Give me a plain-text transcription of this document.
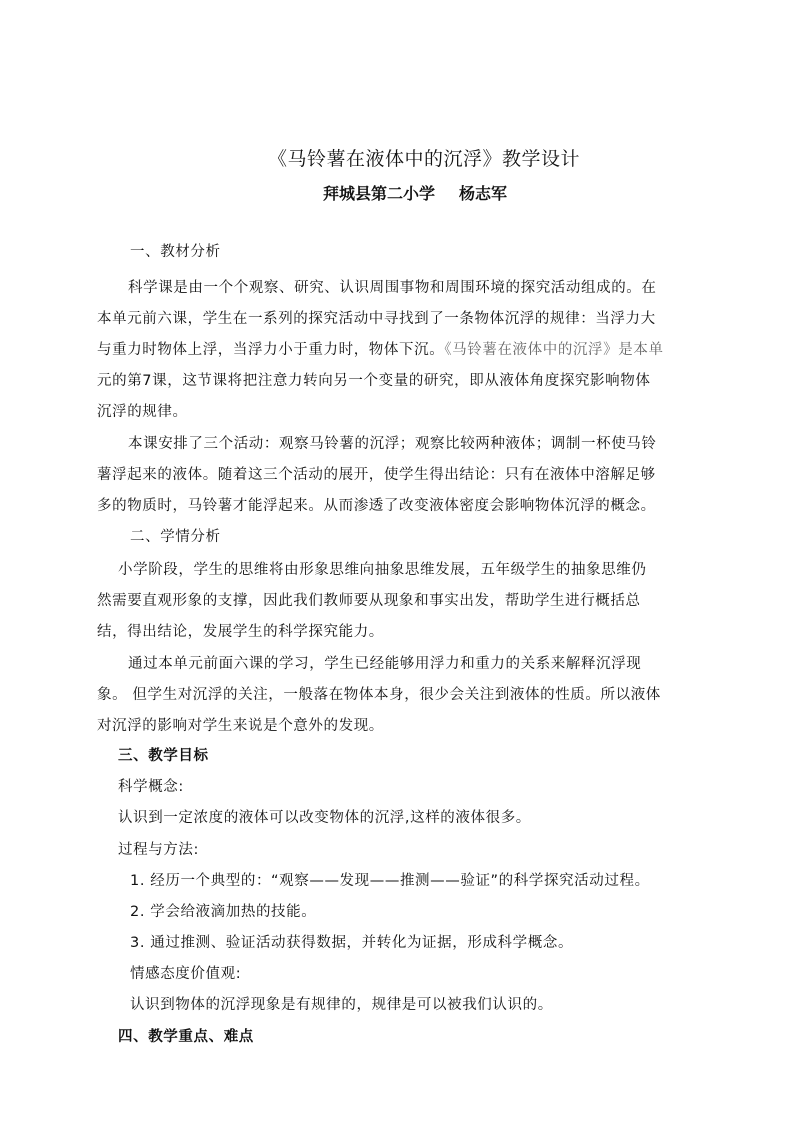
《马铃薯在液体中的沉浮》教学设计
拜城县第二小学 杨志军
一、教材分析
科学课是由一个个观察、研究、认识周围事物和周围环境的探究活动组成的。在
本单元前六课，学生在一系列的探究活动中寻找到了一条物体沉浮的规律：当浮力大
与重力时物体上浮，当浮力小于重力时，物体下沉。《马铃薯在液体中的沉浮》是本单
元的第7课，这节课将把注意力转向另一个变量的研究，即从液体角度探究影响物体
沉浮的规律。
本课安排了三个活动：观察马铃薯的沉浮；观察比较两种液体；调制一杯使马铃
薯浮起来的液体。随着这三个活动的展开，使学生得出结论：只有在液体中溶解足够
多的物质时，马铃薯才能浮起来。从而渗透了改变液体密度会影响物体沉浮的概念。
二、学情分析
小学阶段，学生的思维将由形象思维向抽象思维发展，五年级学生的抽象思维仍
然需要直观形象的支撑，因此我们教师要从现象和事实出发，帮助学生进行概括总
结，得出结论，发展学生的科学探究能力。
通过本单元前面六课的学习，学生已经能够用浮力和重力的关系来解释沉浮现
象。 但学生对沉浮的关注，一般落在物体本身，很少会关注到液体的性质。所以液体
对沉浮的影响对学生来说是个意外的发现。
三、教学目标
科学概念:
认识到一定浓度的液体可以改变物体的沉浮,这样的液体很多。
过程与方法:
1. 经历一个典型的：“观察——发现——推测——验证”的科学探究活动过程。
2. 学会给液滴加热的技能。
3. 通过推测、验证活动获得数据，并转化为证据，形成科学概念。
情感态度价值观:
认识到物体的沉浮现象是有规律的，规律是可以被我们认识的。
四、教学重点、难点
